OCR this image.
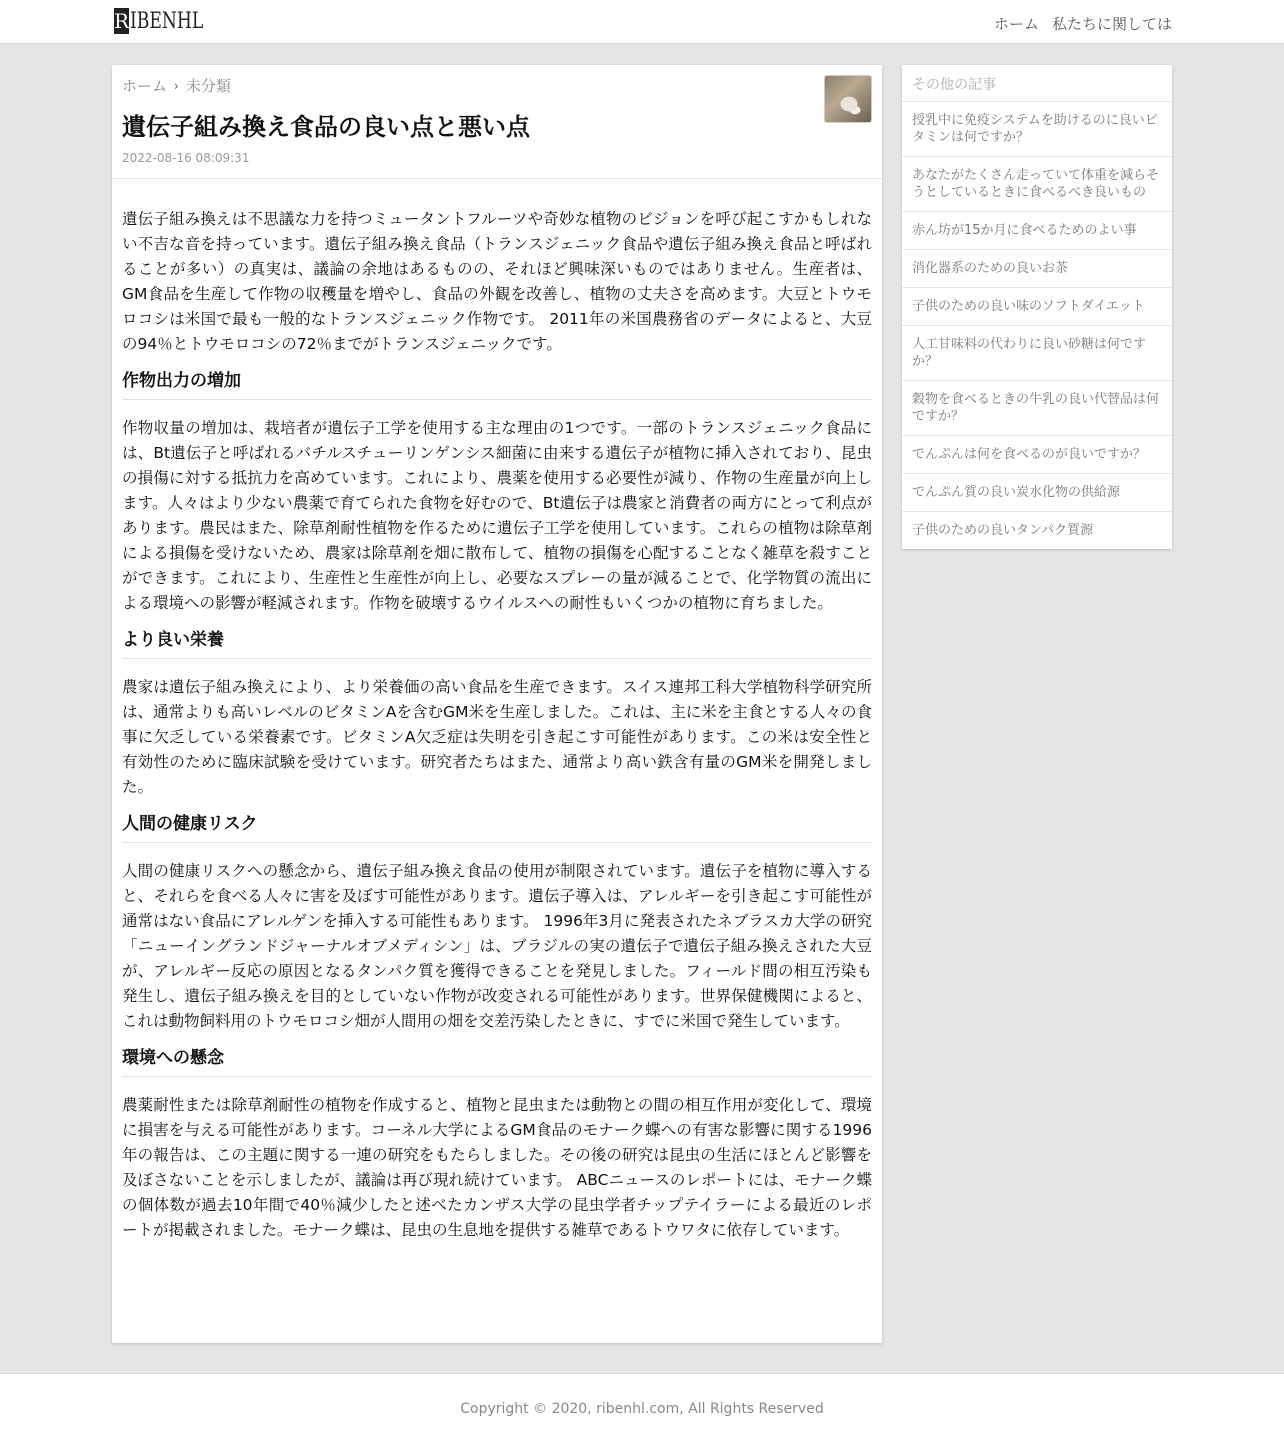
R IBENHL	ホーム 私たちに関しては
ホーム › 未分類
遺伝子組み換え食品の良い点と悪い点
2022-08-16 08:09:31

遺伝子組み換えは不思議な力を持つミュータントフルーツや奇妙な植物のビジョンを呼び起こすかもしれない不吉な音を持っています。遺伝子組み換え食品（トランスジェニック食品や遺伝子組み換え食品と呼ばれることが多い）の真実は、議論の余地はあるものの、それほど興味深いものではありません。生産者は、GM食品を生産して作物の収穫量を増やし、食品の外観を改善し、植物の丈夫さを高めます。大豆とトウモロコシは米国で最も一般的なトランスジェニック作物です。 2011年の米国農務省のデータによると、大豆の94％とトウモロコシの72％までがトランスジェニックです。

作物出力の増加

作物収量の増加は、栽培者が遺伝子工学を使用する主な理由の1つです。一部のトランスジェニック食品には、Bt遺伝子と呼ばれるバチルスチューリンゲンシス細菌に由来する遺伝子が植物に挿入されており、昆虫の損傷に対する抵抗力を高めています。これにより、農薬を使用する必要性が減り、作物の生産量が向上します。人々はより少ない農薬で育てられた食物を好むので、Bt遺伝子は農家と消費者の両方にとって利点があります。農民はまた、除草剤耐性植物を作るために遺伝子工学を使用しています。これらの植物は除草剤による損傷を受けないため、農家は除草剤を畑に散布して、植物の損傷を心配することなく雑草を殺すことができます。これにより、生産性と生産性が向上し、必要なスプレーの量が減ることで、化学物質の流出による環境への影響が軽減されます。作物を破壊するウイルスへの耐性もいくつかの植物に育ちました。

より良い栄養

農家は遺伝子組み換えにより、より栄養価の高い食品を生産できます。スイス連邦工科大学植物科学研究所は、通常よりも高いレベルのビタミンAを含むGM米を生産しました。これは、主に米を主食とする人々の食事に欠乏している栄養素です。ビタミンA欠乏症は失明を引き起こす可能性があります。この米は安全性と有効性のために臨床試験を受けています。研究者たちはまた、通常より高い鉄含有量のGM米を開発しました。

人間の健康リスク

人間の健康リスクへの懸念から、遺伝子組み換え食品の使用が制限されています。遺伝子を植物に導入すると、それらを食べる人々に害を及ぼす可能性があります。遺伝子導入は、アレルギーを引き起こす可能性が通常はない食品にアレルゲンを挿入する可能性もあります。 1996年3月に発表されたネブラスカ大学の研究「ニューイングランドジャーナルオブメディシン」は、ブラジルの実の遺伝子で遺伝子組み換えされた大豆が、アレルギー反応の原因となるタンパク質を獲得できることを発見しました。フィールド間の相互汚染も発生し、遺伝子組み換えを目的としていない作物が改変される可能性があります。世界保健機関によると、これは動物飼料用のトウモロコシ畑が人間用の畑を交差汚染したときに、すでに米国で発生しています。

環境への懸念

農薬耐性または除草剤耐性の植物を作成すると、植物と昆虫または動物との間の相互作用が変化して、環境に損害を与える可能性があります。コーネル大学によるGM食品のモナーク蝶への有害な影響に関する1996年の報告は、この主題に関する一連の研究をもたらしました。その後の研究は昆虫の生活にほとんど影響を及ぼさないことを示しましたが、議論は再び現れ続けています。 ABCニュースのレポートには、モナーク蝶の個体数が過去10年間で40％減少したと述べたカンザス大学の昆虫学者チップテイラーによる最近のレポートが掲載されました。モナーク蝶は、昆虫の生息地を提供する雑草であるトウワタに依存しています。

その他の記事
授乳中に免疫システムを助けるのに良いビタミンは何ですか？
あなたがたくさん走っていて体重を減らそうとしているときに食べるべき良いもの
赤ん坊が15か月に食べるためのよい事
消化器系のための良いお茶
子供のための良い味のソフトダイエット
人工甘味料の代わりに良い砂糖は何ですか？
穀物を食べるときの牛乳の良い代替品は何ですか？
でんぷんは何を食べるのが良いですか？
でんぷん質の良い炭水化物の供給源
子供のための良いタンパク質源
Copyright © 2020, ribenhl.com, All Rights Reserved
